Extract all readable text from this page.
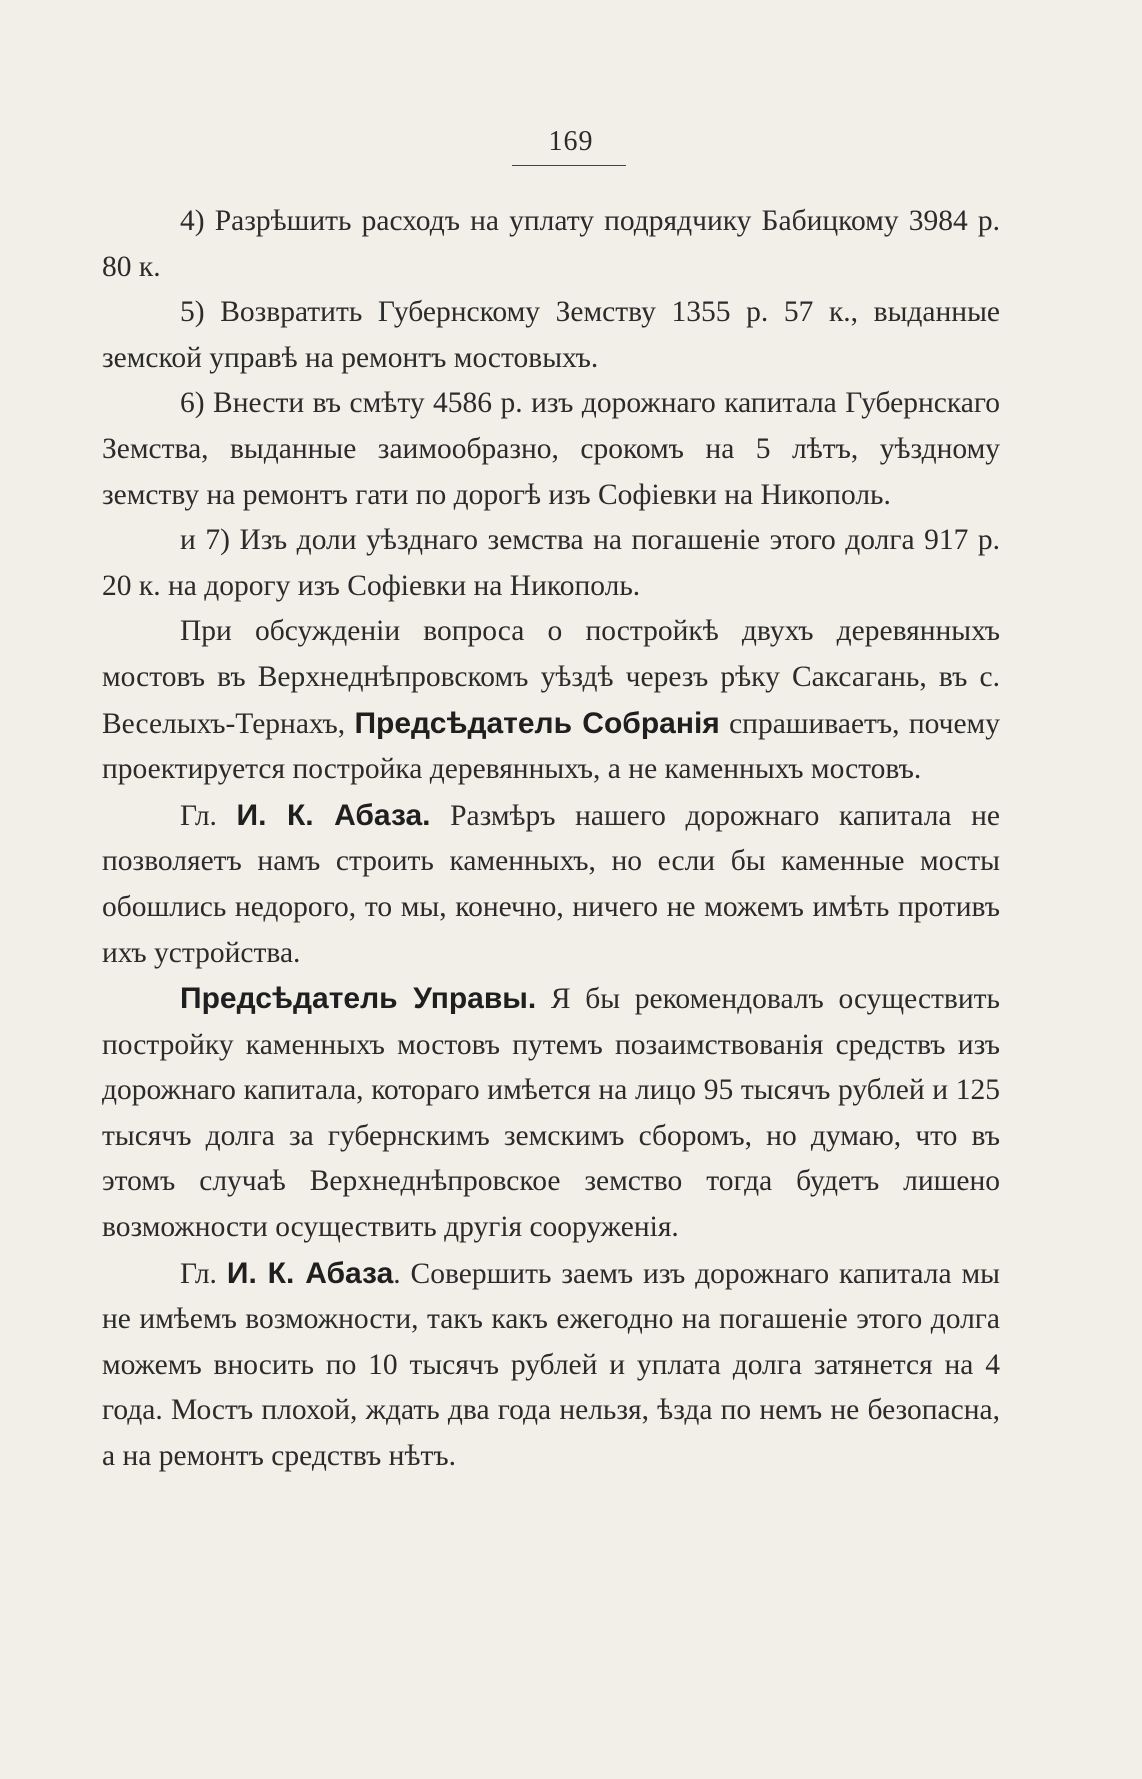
169

4) Разрѣшить расходъ на уплату подрядчику Бабицкому 3984 р. 80 к.

5) Возвратить Губернскому Земству 1355 р. 57 к., выданные земской управѣ на ремонтъ мостовыхъ.

6) Внести въ смѣту 4586 р. изъ дорожнаго капитала Губернскаго Земства, выданные заимообразно, срокомъ на 5 лѣтъ, уѣздному земству на ремонтъ гати по дорогѣ изъ Софіевки на Никополь.

и 7) Изъ доли уѣзднаго земства на погашеніе этого долга 917 р. 20 к. на дорогу изъ Софіевки на Никополь.

При обсужденіи вопроса о постройкѣ двухъ деревянныхъ мостовъ въ Верхнеднѣпровскомъ уѣздѣ черезъ рѣку Саксагань, въ с. Веселыхъ-Тернахъ, Предсѣдатель Собранія спрашиваетъ, почему проектируется постройка деревянныхъ, а не каменныхъ мостовъ.

Гл. И. К. Абаза. Размѣръ нашего дорожнаго капитала не позволяетъ намъ строить каменныхъ, но если бы каменные мосты обошлись недорого, то мы, конечно, ничего не можемъ имѣть противъ ихъ устройства.

Предсѣдатель Управы. Я бы рекомендовалъ осуществить постройку каменныхъ мостовъ путемъ позаимствованія средствъ изъ дорожнаго капитала, котораго имѣется на лицо 95 тысячъ рублей и 125 тысячъ долга за губернскимъ земскимъ сборомъ, но думаю, что въ этомъ случаѣ Верхнеднѣпровское земство тогда будетъ лишено возможности осуществить другія сооруженія.

Гл. И. К. Абаза. Совершить заемъ изъ дорожнаго капитала мы не имѣемъ возможности, такъ какъ ежегодно на погашеніе этого долга можемъ вносить по 10 тысячъ рублей и уплата долга затянется на 4 года. Мостъ плохой, ждать два года нельзя, ѣзда по немъ не безопасна, а на ремонтъ средствъ нѣтъ.
